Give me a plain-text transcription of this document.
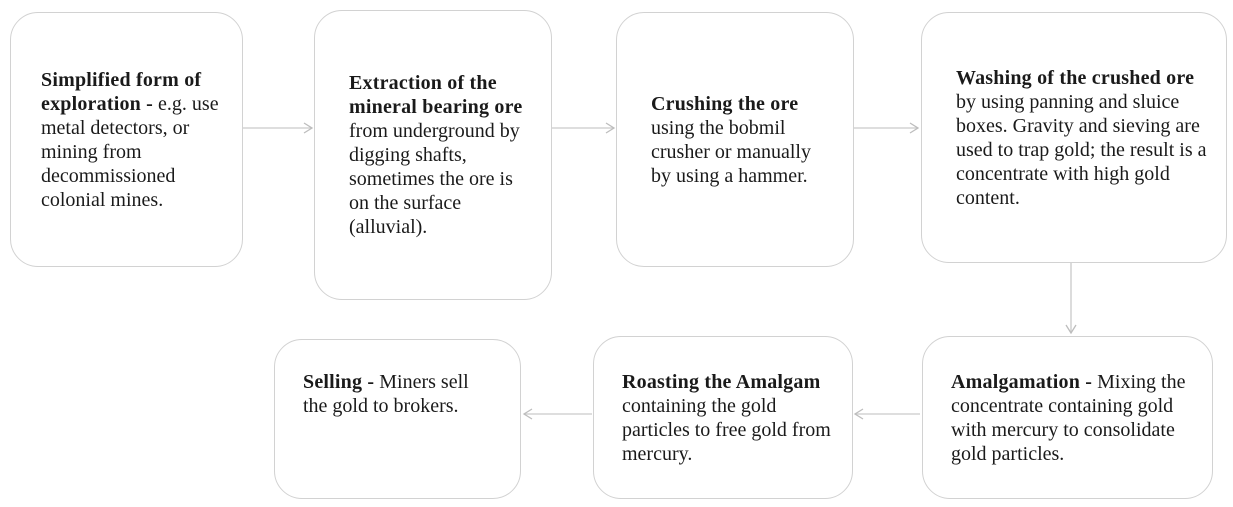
Simplified form of exploration - e.g. use metal detectors, or mining from decommissioned colonial mines.
Extraction of the mineral bearing ore from underground by digging shafts, sometimes the ore is on the surface (alluvial).
Crushing the ore using the bobmil crusher or manually by using a hammer.
Washing of the crushed ore by using panning and sluice boxes. Gravity and sieving are used to trap gold; the result is a concentrate with high gold content.
Amalgamation - Mixing the concentrate containing gold with mercury to consolidate gold particles.
Roasting the Amalgam containing the gold particles to free gold from mercury.
Selling - Miners sell the gold to brokers.
